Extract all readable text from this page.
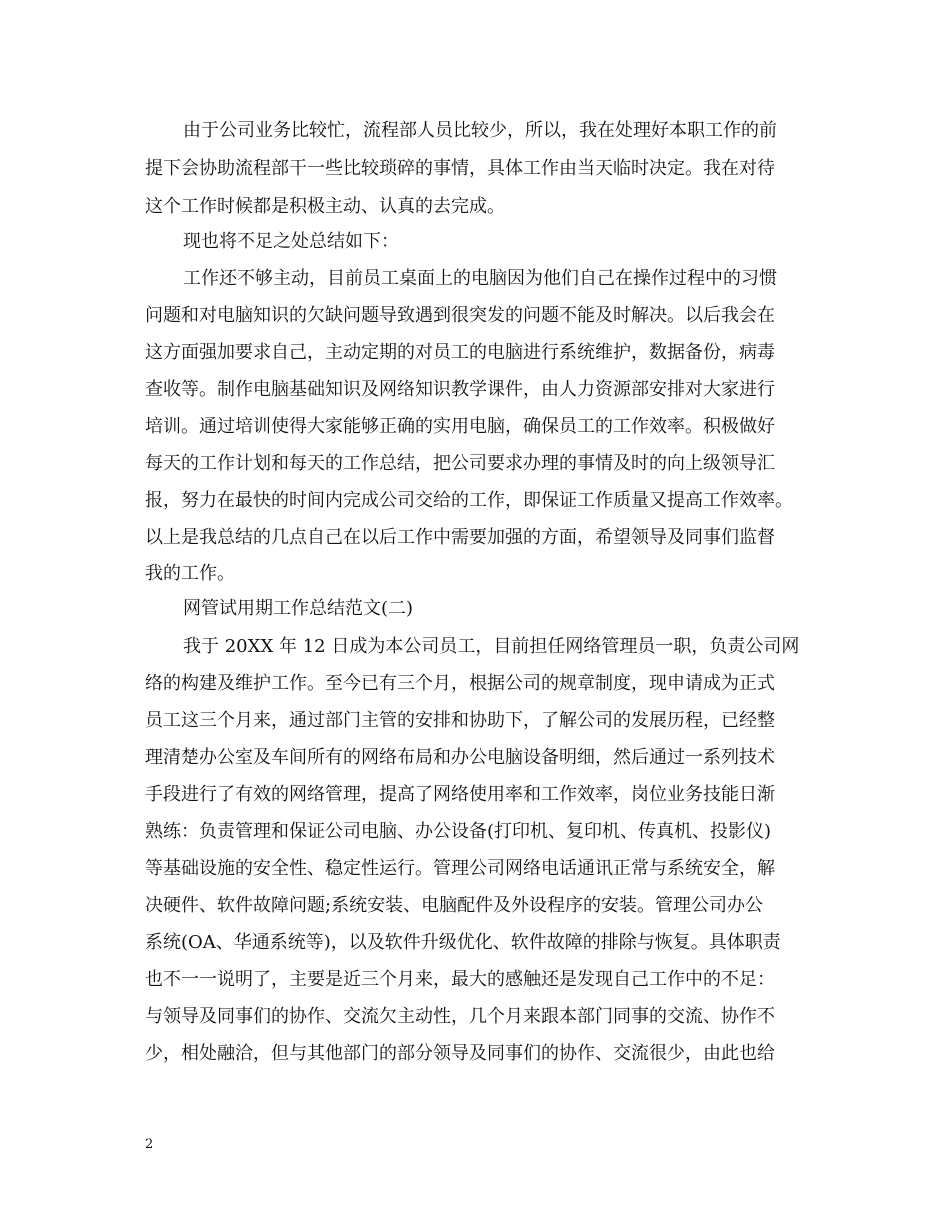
由于公司业务比较忙，流程部人员比较少，所以，我在处理好本职工作的前
提下会协助流程部干一些比较琐碎的事情，具体工作由当天临时决定。我在对待
这个工作时候都是积极主动、认真的去完成。
现也将不足之处总结如下：
工作还不够主动，目前员工桌面上的电脑因为他们自己在操作过程中的习惯
问题和对电脑知识的欠缺问题导致遇到很突发的问题不能及时解决。以后我会在
这方面强加要求自己，主动定期的对员工的电脑进行系统维护，数据备份，病毒
查收等。制作电脑基础知识及网络知识教学课件，由人力资源部安排对大家进行
培训。通过培训使得大家能够正确的实用电脑，确保员工的工作效率。积极做好
每天的工作计划和每天的工作总结，把公司要求办理的事情及时的向上级领导汇
报，努力在最快的时间内完成公司交给的工作，即保证工作质量又提高工作效率。
以上是我总结的几点自己在以后工作中需要加强的方面，希望领导及同事们监督
我的工作。
网管试用期工作总结范文(二)
我于 20XX 年 12 日成为本公司员工，目前担任网络管理员一职，负责公司网
络的构建及维护工作。至今已有三个月，根据公司的规章制度，现申请成为正式
员工这三个月来，通过部门主管的安排和协助下，了解公司的发展历程，已经整
理清楚办公室及车间所有的网络布局和办公电脑设备明细，然后通过一系列技术
手段进行了有效的网络管理，提高了网络使用率和工作效率，岗位业务技能日渐
熟练：负责管理和保证公司电脑、办公设备(打印机、复印机、传真机、投影仪)
等基础设施的安全性、稳定性运行。管理公司网络电话通讯正常与系统安全，解
决硬件、软件故障问题;系统安装、电脑配件及外设程序的安装。管理公司办公
系统(OA、华通系统等)，以及软件升级优化、软件故障的排除与恢复。具体职责
也不一一说明了，主要是近三个月来，最大的感触还是发现自己工作中的不足：
与领导及同事们的协作、交流欠主动性，几个月来跟本部门同事的交流、协作不
少，相处融洽，但与其他部门的部分领导及同事们的协作、交流很少，由此也给
2
